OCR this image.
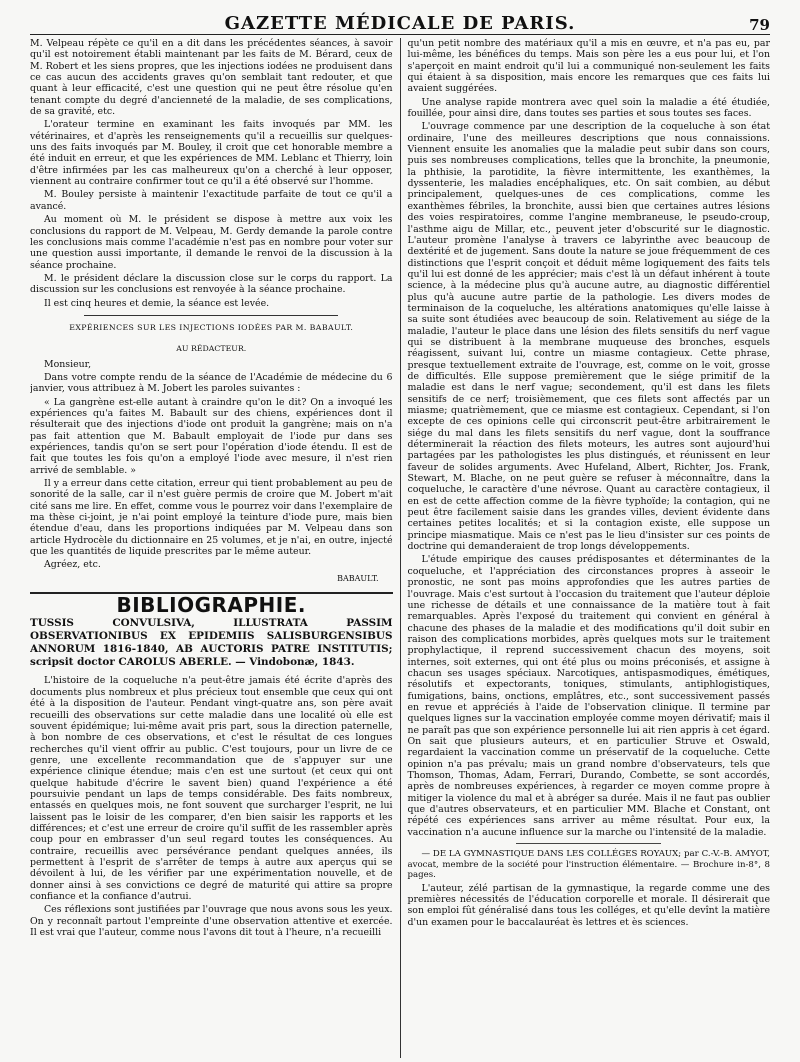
GAZETTE MÉDICALE DE PARIS.	79

M. Velpeau répète ce qu'il en a dit dans les précédentes séances, à savoir qu'il est notoirement établi maintenant par les faits de M. Bérard, ceux de M. Robert et les siens propres, que les injections iodées ne produisent dans ce cas aucun des accidents graves qu'on semblait tant redouter, et que quant à leur efficacité, c'est une question qui ne peut être résolue qu'en tenant compte du degré d'ancienneté de la maladie, de ses complications, de sa gravité, etc.

L'orateur termine en examinant les faits invoqués par MM. les vétérinaires, et d'après les renseignements qu'il a recueillis sur quelques-uns des faits invoqués par M. Bouley, il croit que cet honorable membre a été induit en erreur, et que les expériences de MM. Leblanc et Thierry, loin d'être infirmées par les cas malheureux qu'on a cherché à leur opposer, viennent au contraire confirmer tout ce qu'il a été observé sur l'homme.

M. Bouley persiste à maintenir l'exactitude parfaite de tout ce qu'il a avancé.

Au moment où M. le président se dispose à mettre aux voix les conclusions du rapport de M. Velpeau, M. Gerdy demande la parole contre les conclusions mais comme l'académie n'est pas en nombre pour voter sur une question aussi importante, il demande le renvoi de la discussion à la séance prochaine.

M. le président déclare la discussion close sur le corps du rapport. La discussion sur les conclusions est renvoyée à la séance prochaine.

Il est cinq heures et demie, la séance est levée.

EXPÉRIENCES SUR LES INJECTIONS IODÉES PAR M. BABAULT.
AU RÉDACTEUR.

Monsieur,

Dans votre compte rendu de la séance de l'Académie de médecine du 6 janvier, vous attribuez à M. Jobert les paroles suivantes :

« La gangrène est-elle autant à craindre qu'on le dit? On a invoqué les expériences qu'a faites M. Babault sur des chiens, expériences dont il résulterait que des injections d'iode ont produit la gangrène; mais on n'a pas fait attention que M. Babault employait de l'iode pur dans ses expériences, tandis qu'on se sert pour l'opération d'iode étendu. Il est de fait que toutes les fois qu'on a employé l'iode avec mesure, il n'est rien arrivé de semblable. »

Il y a erreur dans cette citation, erreur qui tient probablement au peu de sonorité de la salle, car il n'est guère permis de croire que M. Jobert m'ait cité sans me lire. En effet, comme vous le pourrez voir dans l'exemplaire de ma thèse ci-joint, je n'ai point employé la teinture d'iode pure, mais bien étendue d'eau, dans les proportions indiquées par M. Velpeau dans son article Hydrocèle du dictionnaire en 25 volumes, et je n'ai, en outre, injecté que les quantités de liquide prescrites par le même auteur.

Agréez, etc.

BABAULT.
BIBLIOGRAPHIE.

TUSSIS CONVULSIVA, ILLUSTRATA PASSIM OBSERVATIONIBUS EX EPIDEMIIS SALISBURGENSIBUS ANNORUM 1816-1840, AB AUCTORIS PATRE INSTITUTIS; scripsit doctor CAROLUS ABERLE. — Vindobonæ, 1843.

L'histoire de la coqueluche n'a peut-être jamais été écrite d'après des documents plus nombreux et plus précieux tout ensemble que ceux qui ont été à la disposition de l'auteur. Pendant vingt-quatre ans, son père avait recueilli des observations sur cette maladie dans une localité où elle est souvent épidémique; lui-même avait pris part, sous la direction paternelle, à bon nombre de ces observations, et c'est le résultat de ces longues recherches qu'il vient offrir au public. C'est toujours, pour un livre de ce genre, une excellente recommandation que de s'appuyer sur une expérience clinique étendue; mais c'en est une surtout (et ceux qui ont quelque habitude d'écrire le savent bien) quand l'expérience a été poursuivie pendant un laps de temps considérable. Des faits nombreux, entassés en quelques mois, ne font souvent que surcharger l'esprit, ne lui laissent pas le loisir de les comparer, d'en bien saisir les rapports et les différences; et c'est une erreur de croire qu'il suffit de les rassembler après coup pour en embrasser d'un seul regard toutes les conséquences. Au contraire, recueillis avec persévérance pendant quelques années, ils permettent à l'esprit de s'arrêter de temps à autre aux aperçus qui se dévoilent à lui, de les vérifier par une expérimentation nouvelle, et de donner ainsi à ses convictions ce degré de maturité qui attire sa propre confiance et la confiance d'autrui.

Ces réflexions sont justifiées par l'ouvrage que nous avons sous les yeux. On y reconnaît partout l'empreinte d'une observation attentive et exercée. Il est vrai que l'auteur, comme nous l'avons dit tout à l'heure, n'a recueilli

qu'un petit nombre des matériaux qu'il a mis en œuvre, et n'a pas eu, par lui-même, les bénéfices du temps. Mais son père les a eus pour lui, et l'on s'aperçoit en maint endroit qu'il lui a communiqué non-seulement les faits qui étaient à sa disposition, mais encore les remarques que ces faits lui avaient suggérées.

Une analyse rapide montrera avec quel soin la maladie a été étudiée, fouillée, pour ainsi dire, dans toutes ses parties et sous toutes ses faces.

L'ouvrage commence par une description de la coqueluche à son état ordinaire, l'une des meilleures descriptions que nous connaissions. Viennent ensuite les anomalies que la maladie peut subir dans son cours, puis ses nombreuses complications, telles que la bronchite, la pneumonie, la phthisie, la parotidite, la fièvre intermittente, les exanthèmes, la dyssenterie, les maladies encéphaliques, etc. On sait combien, au début principalement, quelques-unes de ces complications, comme les exanthèmes fébriles, la bronchite, aussi bien que certaines autres lésions des voies respiratoires, comme l'angine membraneuse, le pseudo-croup, l'asthme aigu de Millar, etc., peuvent jeter d'obscurité sur le diagnostic. L'auteur promène l'analyse à travers ce labyrinthe avec beaucoup de dextérité et de jugement. Sans doute la nature se joue fréquemment de ces distinctions que l'esprit conçoit et déduit même logiquement des faits tels qu'il lui est donné de les apprécier; mais c'est là un défaut inhérent à toute science, à la médecine plus qu'à aucune autre, au diagnostic différentiel plus qu'à aucune autre partie de la pathologie. Les divers modes de terminaison de la coqueluche, les altérations anatomiques qu'elle laisse à sa suite sont étudiées avec beaucoup de soin. Relativement au siége de la maladie, l'auteur le place dans une lésion des filets sensitifs du nerf vague qui se distribuent à la membrane muqueuse des bronches, esquels réagissent, suivant lui, contre un miasme contagieux. Cette phrase, presque textuellement extraite de l'ouvrage, est, comme on le voit, grosse de difficultés. Elle suppose premièrement que le siége primitif de la maladie est dans le nerf vague; secondement, qu'il est dans les filets sensitifs de ce nerf; troisièmement, que ces filets sont affectés par un miasme; quatrièmement, que ce miasme est contagieux. Cependant, si l'on excepte de ces opinions celle qui circonscrit peut-être arbitrairement le siége du mal dans les filets sensitifs du nerf vague, dont la souffrance déterminerait la réaction des filets moteurs, les autres sont aujourd'hui partagées par les pathologistes les plus distingués, et réunissent en leur faveur de solides arguments. Avec Hufeland, Albert, Richter, Jos. Frank, Stewart, M. Blache, on ne peut guère se refuser à méconnaître, dans la coqueluche, le caractère d'une névrose. Quant au caractère contagieux, il en est de cette affection comme de la fièvre typhoïde; la contagion, qui ne peut être facilement saisie dans les grandes villes, devient évidente dans certaines petites localités; et si la contagion existe, elle suppose un principe miasmatique. Mais ce n'est pas le lieu d'insister sur ces points de doctrine qui demanderaient de trop longs développements.

L'étude empirique des causes prédisposantes et déterminantes de la coqueluche, et l'appréciation des circonstances propres à asseoir le pronostic, ne sont pas moins approfondies que les autres parties de l'ouvrage. Mais c'est surtout à l'occasion du traitement que l'auteur déploie une richesse de détails et une connaissance de la matière tout à fait remarquables. Après l'exposé du traitement qui convient en général à chacune des phases de la maladie et des modifications qu'il doit subir en raison des complications morbides, après quelques mots sur le traitement prophylactique, il reprend successivement chacun des moyens, soit internes, soit externes, qui ont été plus ou moins préconisés, et assigne à chacun ses usages spéciaux. Narcotiques, antispasmodiques, émétiques, résolutifs et expectorants, toniques, stimulants, antiphlogistiques, fumigations, bains, onctions, emplâtres, etc., sont successivement passés en revue et appréciés à l'aide de l'observation clinique. Il termine par quelques lignes sur la vaccination employée comme moyen dérivatif; mais il ne paraît pas que son expérience personnelle lui ait rien appris à cet égard. On sait que plusieurs auteurs, et en particulier Struve et Oswald, regardaient la vaccination comme un préservatif de la coqueluche. Cette opinion n'a pas prévalu; mais un grand nombre d'observateurs, tels que Thomson, Thomas, Adam, Ferrari, Durando, Combette, se sont accordés, après de nombreuses expériences, à regarder ce moyen comme propre à mitiger la violence du mal et à abréger sa durée. Mais il ne faut pas oublier que d'autres observateurs, et en particulier MM. Blache et Constant, ont répété ces expériences sans arriver au même résultat. Pour eux, la vaccination n'a aucune influence sur la marche ou l'intensité de la maladie.

— DE LA GYMNASTIQUE DANS LES COLLÉGES ROYAUX; par C.-V.-B. AMYOT, avocat, membre de la société pour l'instruction élémentaire. — Brochure in-8°, 8 pages.

L'auteur, zélé partisan de la gymnastique, la regarde comme une des premières nécessités de l'éducation corporelle et morale. Il désirerait que son emploi fût généralisé dans tous les colléges, et qu'elle devînt la matière d'un examen pour le baccalauréat ès lettres et ès sciences.
